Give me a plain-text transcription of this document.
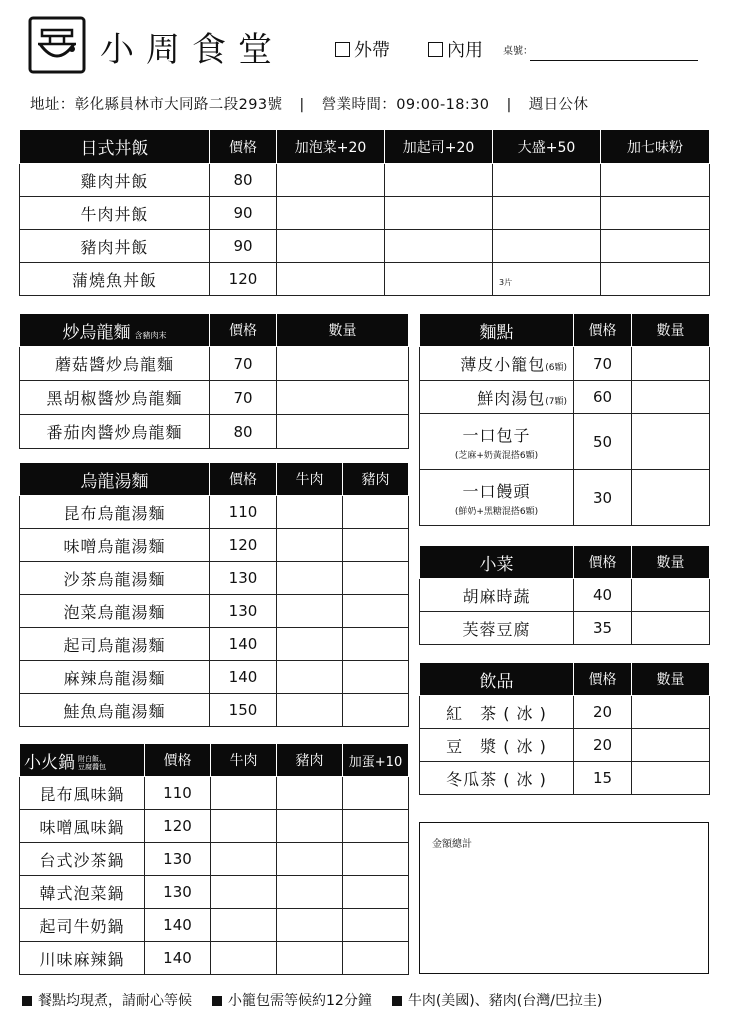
小周食堂	外帶	內用 桌號：
地址：彰化縣員林市大同路二段293號 | 營業時間：09:00-18:30 | 週日公休
日式丼飯	價格	加泡菜+20	加起司+20	大盛+50	加七味粉
雞肉丼飯	80				
牛肉丼飯	90				
豬肉丼飯	90				
蒲燒魚丼飯	120			3片	

炒烏龍麵 含豬肉末	價格	數量
蘑菇醬炒烏龍麵	70	
黑胡椒醬炒烏龍麵	70	
番茄肉醬炒烏龍麵	80	
烏龍湯麵	價格	牛肉	豬肉
昆布烏龍湯麵	110		
味噌烏龍湯麵	120		
沙茶烏龍湯麵	130		
泡菜烏龍湯麵	130		
起司烏龍湯麵	140		
麻辣烏龍湯麵	140		
鮭魚烏龍湯麵	150		
小火鍋 附白飯、
豆腐醬包	價格	牛肉	豬肉	加蛋+10
昆布風味鍋	110			
味噌風味鍋	120			
台式沙茶鍋	130			
韓式泡菜鍋	130			
起司牛奶鍋	140			
川味麻辣鍋	140			
麵點	價格	數量
薄皮小籠包(6顆)	70	
鮮肉湯包(7顆)	60	
一口包子
(芝麻+奶黃混搭6顆)	50	
一口饅頭
(鮮奶+黑糖混搭6顆)	30	
小菜	價格	數量
胡麻時蔬	40	
芙蓉豆腐	35	
飲品	價格	數量
紅　茶 ( 冰 )	20	
豆　漿 ( 冰 )	20	
冬瓜茶 ( 冰 )	15	
金額總計
餐點均現煮，請耐心等候	小籠包需等候約12分鐘	牛肉(美國)、豬肉(台灣/巴拉圭)
